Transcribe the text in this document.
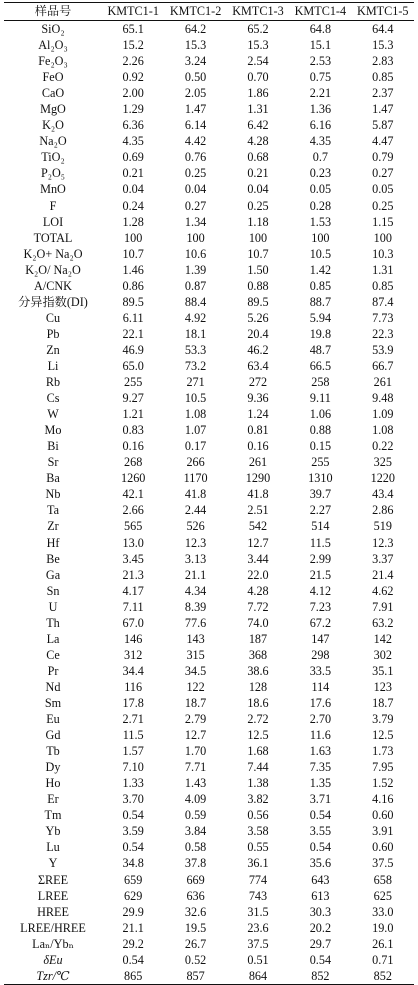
样品号	KMTC1-1	KMTC1-2	KMTC1-3	KMTC1-4	KMTC1-5
SiO₂	65.1	64.2	65.2	64.8	64.4
Al₂O₃	15.2	15.3	15.3	15.1	15.3
Fe₂O₃	2.26	3.24	2.54	2.53	2.83
FeO	0.92	0.50	0.70	0.75	0.85
CaO	2.00	2.05	1.86	2.21	2.37
MgO	1.29	1.47	1.31	1.36	1.47
K₂O	6.36	6.14	6.42	6.16	5.87
Na₂O	4.35	4.42	4.28	4.35	4.47
TiO₂	0.69	0.76	0.68	0.7	0.79
P₂O₅	0.21	0.25	0.21	0.23	0.27
MnO	0.04	0.04	0.04	0.05	0.05
F	0.24	0.27	0.25	0.28	0.25
LOI	1.28	1.34	1.18	1.53	1.15
TOTAL	100	100	100	100	100
K₂O+ Na₂O	10.7	10.6	10.7	10.5	10.3
K₂O/ Na₂O	1.46	1.39	1.50	1.42	1.31
A/CNK	0.86	0.87	0.88	0.85	0.85
分异指数(DI)	89.5	88.4	89.5	88.7	87.4
Cu	6.11	4.92	5.26	5.94	7.73
Pb	22.1	18.1	20.4	19.8	22.3
Zn	46.9	53.3	46.2	48.7	53.9
Li	65.0	73.2	63.4	66.5	66.7
Rb	255	271	272	258	261
Cs	9.27	10.5	9.36	9.11	9.48
W	1.21	1.08	1.24	1.06	1.09
Mo	0.83	1.07	0.81	0.88	1.08
Bi	0.16	0.17	0.16	0.15	0.22
Sr	268	266	261	255	325
Ba	1260	1170	1290	1310	1220
Nb	42.1	41.8	41.8	39.7	43.4
Ta	2.66	2.44	2.51	2.27	2.86
Zr	565	526	542	514	519
Hf	13.0	12.3	12.7	11.5	12.3
Be	3.45	3.13	3.44	2.99	3.37
Ga	21.3	21.1	22.0	21.5	21.4
Sn	4.17	4.34	4.28	4.12	4.62
U	7.11	8.39	7.72	7.23	7.91
Th	67.0	77.6	74.0	67.2	63.2
La	146	143	187	147	142
Ce	312	315	368	298	302
Pr	34.4	34.5	38.6	33.5	35.1
Nd	116	122	128	114	123
Sm	17.8	18.7	18.6	17.6	18.7
Eu	2.71	2.79	2.72	2.70	3.79
Gd	11.5	12.7	12.5	11.6	12.5
Tb	1.57	1.70	1.68	1.63	1.73
Dy	7.10	7.71	7.44	7.35	7.95
Ho	1.33	1.43	1.38	1.35	1.52
Er	3.70	4.09	3.82	3.71	4.16
Tm	0.54	0.59	0.56	0.54	0.60
Yb	3.59	3.84	3.58	3.55	3.91
Lu	0.54	0.58	0.55	0.54	0.60
Y	34.8	37.8	36.1	35.6	37.5
ΣREE	659	669	774	643	658
LREE	629	636	743	613	625
HREE	29.9	32.6	31.5	30.3	33.0
LREE/HREE	21.1	19.5	23.6	20.2	19.0
Laₙ/Ybₙ	29.2	26.7	37.5	29.7	26.1
δEu	0.54	0.52	0.51	0.54	0.71
Tzr/℃	865	857	864	852	852
